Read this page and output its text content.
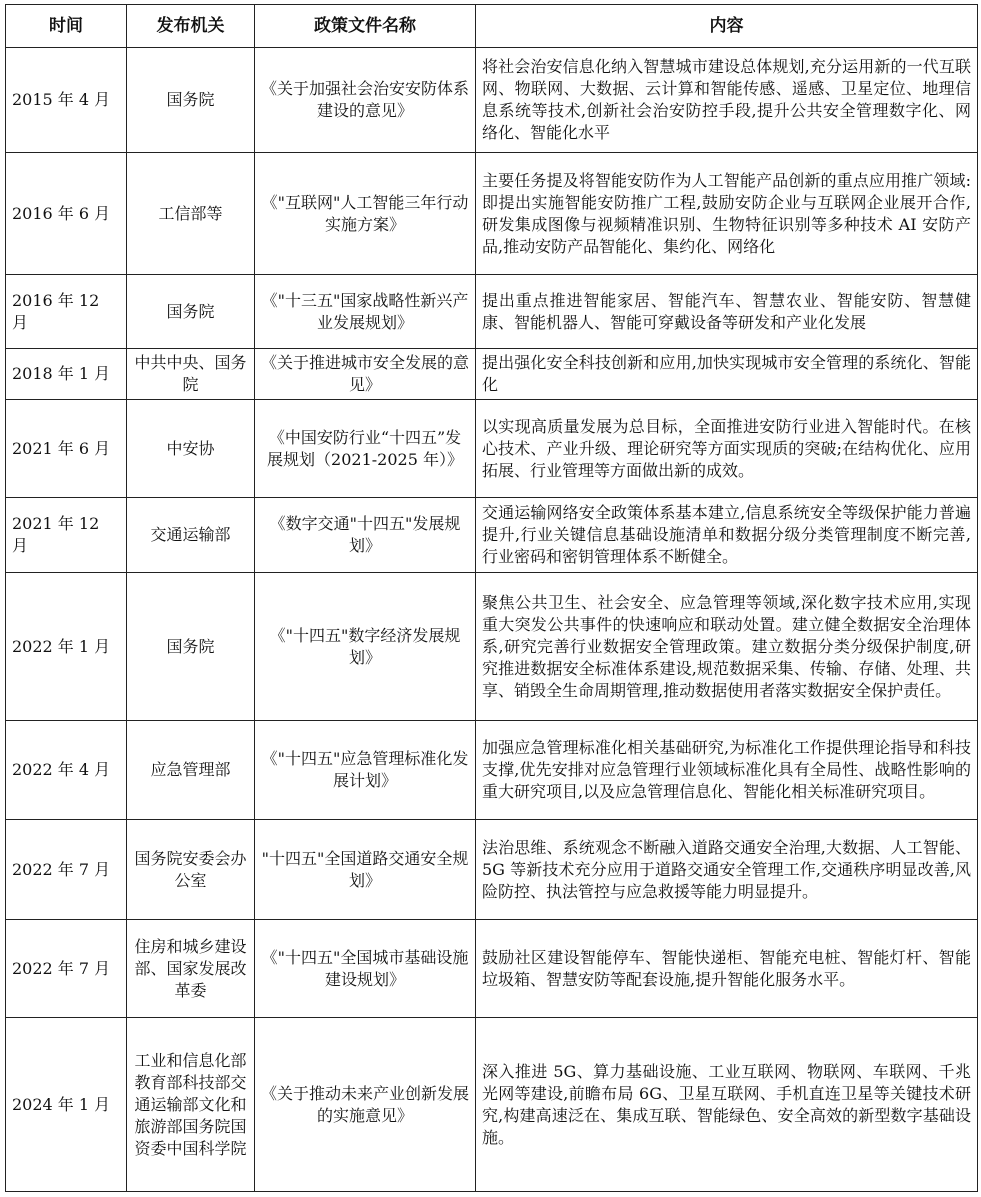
时间	发布机关	政策文件名称	内容
2015 年 4 月	国务院	《关于加强社会治安安防体系建设的意见》	将社会治安信息化纳入智慧城市建设总体规划,充分运用新的一代互联网、物联网、大数据、云计算和智能传感、遥感、卫星定位、地理信息系统等技术,创新社会治安防控手段,提升公共安全管理数字化、网络化、智能化水平
2016 年 6 月	工信部等	《"互联网"人工智能三年行动实施方案》	主要任务提及将智能安防作为人工智能产品创新的重点应用推广领域:即提出实施智能安防推广工程,鼓励安防企业与互联网企业展开合作,研发集成图像与视频精准识别、生物特征识别等多种技术 AI 安防产品,推动安防产品智能化、集约化、网络化
2016 年 12 月	国务院	《"十三五"国家战略性新兴产业发展规划》	提出重点推进智能家居、智能汽车、智慧农业、智能安防、智慧健康、智能机器人、智能可穿戴设备等研发和产业化发展
2018 年 1 月	中共中央、国务院	《关于推进城市安全发展的意见》	提出强化安全科技创新和应用,加快实现城市安全管理的系统化、智能化
2021 年 6 月	中安协	《中国安防行业“十四五”发展规划（2021-2025 年）》	以实现高质量发展为总目标，全面推进安防行业进入智能时代。在核心技术、产业升级、理论研究等方面实现质的突破;在结构优化、应用拓展、行业管理等方面做出新的成效。
2021 年 12 月	交通运输部	《数字交通"十四五"发展规划》	交通运输网络安全政策体系基本建立,信息系统安全等级保护能力普遍提升,行业关键信息基础设施清单和数据分级分类管理制度不断完善,行业密码和密钥管理体系不断健全。
2022 年 1 月	国务院	《"十四五"数字经济发展规划》	聚焦公共卫生、社会安全、应急管理等领域,深化数字技术应用,实现重大突发公共事件的快速响应和联动处置。建立健全数据安全治理体系,研究完善行业数据安全管理政策。建立数据分类分级保护制度,研究推进数据安全标准体系建设,规范数据采集、传输、存储、处理、共享、销毁全生命周期管理,推动数据使用者落实数据安全保护责任。
2022 年 4 月	应急管理部	《"十四五"应急管理标准化发展计划》	加强应急管理标准化相关基础研究,为标准化工作提供理论指导和科技支撑,优先安排对应急管理行业领域标准化具有全局性、战略性影响的重大研究项目,以及应急管理信息化、智能化相关标准研究项目。
2022 年 7 月	国务院安委会办公室	"十四五"全国道路交通安全规划》	法治思维、系统观念不断融入道路交通安全治理,大数据、人工智能、5G 等新技术充分应用于道路交通安全管理工作,交通秩序明显改善,风险防控、执法管控与应急救援等能力明显提升。
2022 年 7 月	住房和城乡建设部、国家发展改革委	《"十四五"全国城市基础设施建设规划》	鼓励社区建设智能停车、智能快递柜、智能充电桩、智能灯杆、智能垃圾箱、智慧安防等配套设施,提升智能化服务水平。
2024 年 1 月	工业和信息化部教育部科技部交通运输部文化和旅游部国务院国资委中国科学院	《关于推动未来产业创新发展的实施意见》	深入推进 5G、算力基础设施、工业互联网、物联网、车联网、千兆光网等建设,前瞻布局 6G、卫星互联网、手机直连卫星等关键技术研究,构建高速泛在、集成互联、智能绿色、安全高效的新型数字基础设施。
